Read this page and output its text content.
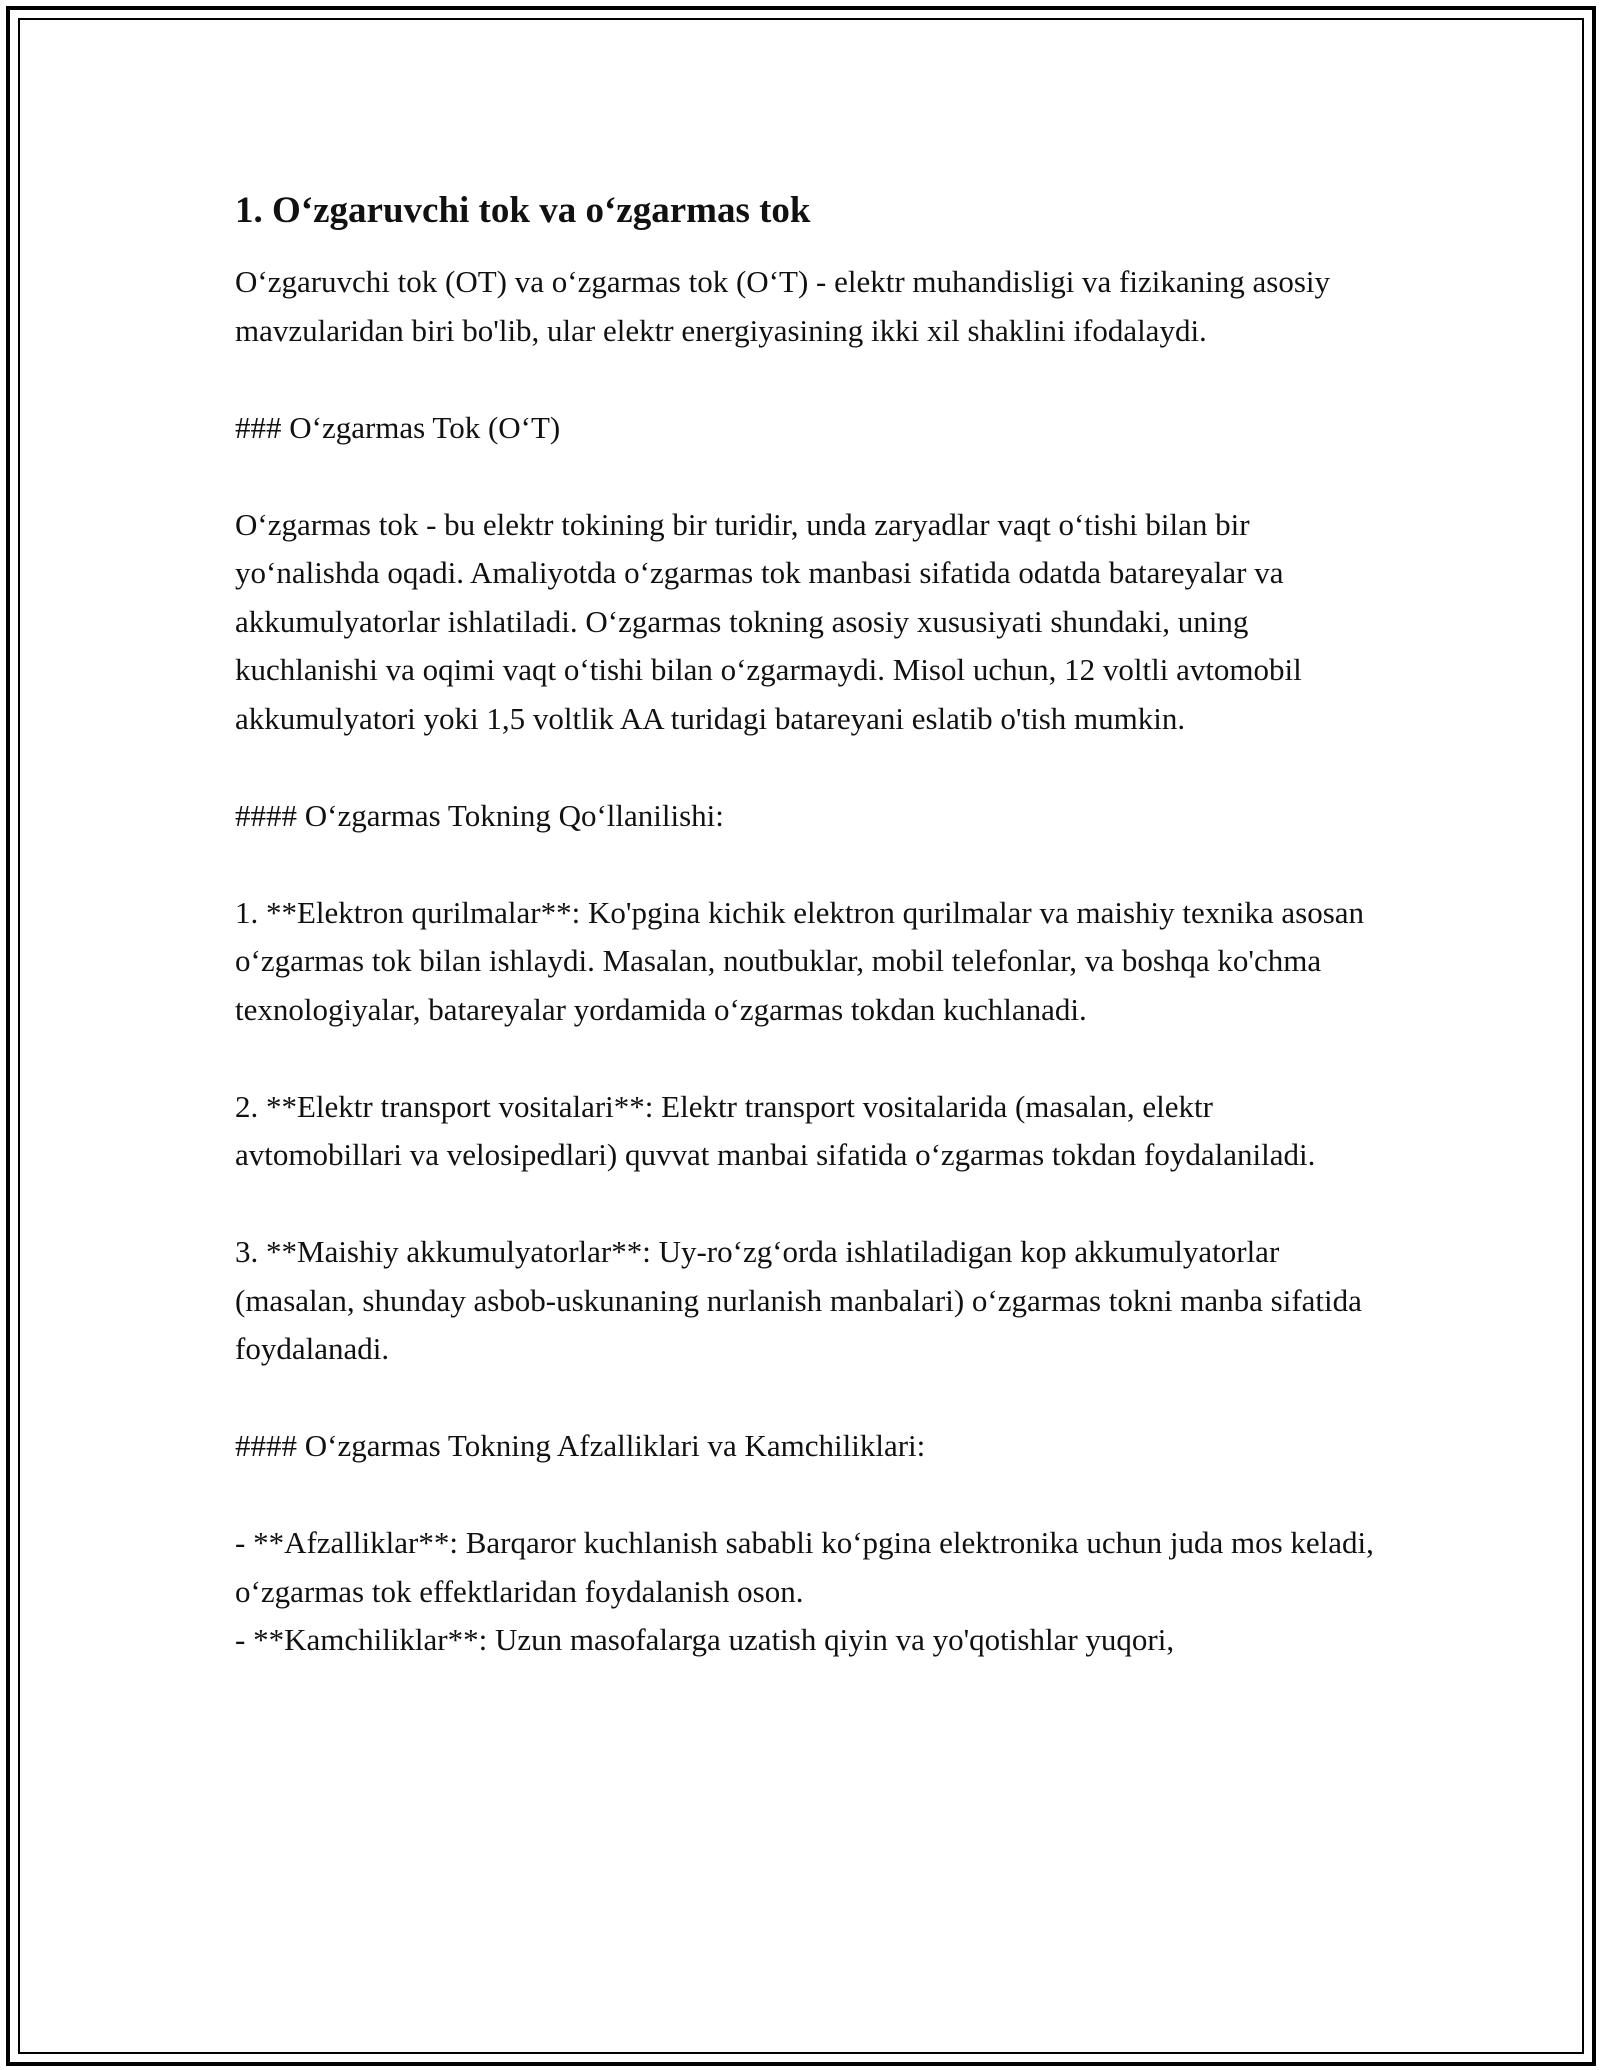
1. O‘zgaruvchi tok va o‘zgarmas tok

O‘zgaruvchi tok (OT) va o‘zgarmas tok (O‘T) - elektr muhandisligi va fizikaning asosiy mavzularidan biri bo'lib, ular elektr energiyasining ikki xil shaklini ifodalaydi.

### O‘zgarmas Tok (O‘T)

O‘zgarmas tok - bu elektr tokining bir turidir, unda zaryadlar vaqt o‘tishi bilan bir yo‘nalishda oqadi. Amaliyotda o‘zgarmas tok manbasi sifatida odatda batareyalar va akkumulyatorlar ishlatiladi. O‘zgarmas tokning asosiy xususiyati shundaki, uning kuchlanishi va oqimi vaqt o‘tishi bilan o‘zgarmaydi. Misol uchun, 12 voltli avtomobil akkumulyatori yoki 1,5 voltlik AA turidagi batareyani eslatib o'tish mumkin.

#### O‘zgarmas Tokning Qo‘llanilishi:

1. **Elektron qurilmalar**: Ko'pgina kichik elektron qurilmalar va maishiy texnika asosan o‘zgarmas tok bilan ishlaydi. Masalan, noutbuklar, mobil telefonlar, va boshqa ko'chma texnologiyalar, batareyalar yordamida o‘zgarmas tokdan kuchlanadi.

2. **Elektr transport vositalari**: Elektr transport vositalarida (masalan, elektr avtomobillari va velosipedlari) quvvat manbai sifatida o‘zgarmas tokdan foydalaniladi.

3. **Maishiy akkumulyatorlar**: Uy-ro‘zg‘orda ishlatiladigan kop akkumulyatorlar (masalan, shunday asbob-uskunaning nurlanish manbalari) o‘zgarmas tokni manba sifatida foydalanadi.

#### O‘zgarmas Tokning Afzalliklari va Kamchiliklari:

- **Afzalliklar**: Barqaror kuchlanish sababli ko‘pgina elektronika uchun juda mos keladi, o‘zgarmas tok effektlaridan foydalanish oson.

- **Kamchiliklar**: Uzun masofalarga uzatish qiyin va yo'qotishlar yuqori,
